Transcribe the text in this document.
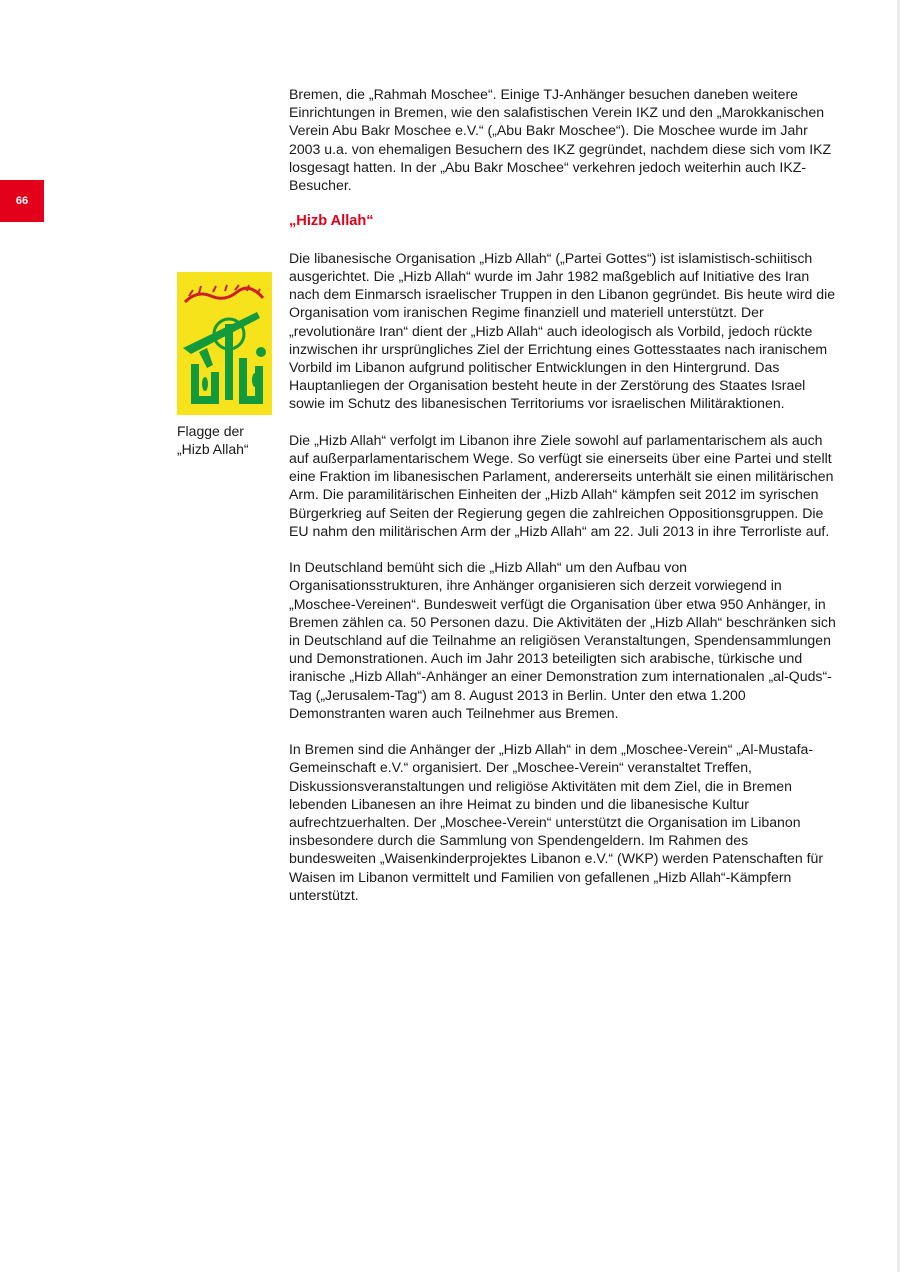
66
Flagge der
„Hizb Allah“

Bremen, die „Rahmah Moschee“. Einige TJ-Anhänger besuchen daneben weitere Einrichtungen in Bremen, wie den salafistischen Verein IKZ und den „Marokkanischen Verein Abu Bakr Moschee e.V.“ („Abu Bakr Moschee“). Die Moschee wurde im Jahr 2003 u.a. von ehemaligen Besuchern des IKZ gegründet, nachdem diese sich vom IKZ losgesagt hatten. In der „Abu Bakr Moschee“ verkehren jedoch weiterhin auch IKZ-Besucher.

„Hizb Allah“

Die libanesische Organisation „Hizb Allah“ („Partei Gottes“) ist islamistisch-schiitisch ausgerichtet. Die „Hizb Allah“ wurde im Jahr 1982 maßgeblich auf Initiative des Iran nach dem Einmarsch israelischer Truppen in den Libanon gegründet. Bis heute wird die Organisation vom iranischen Regime finanziell und materiell unterstützt. Der „revolutionäre Iran“ dient der „Hizb Allah“ auch ideologisch als Vorbild, jedoch rückte inzwischen ihr ursprüngliches Ziel der Errichtung eines Gottesstaates nach iranischem Vorbild im Libanon aufgrund politischer Entwicklungen in den Hintergrund. Das Hauptanliegen der Organisation besteht heute in der Zerstörung des Staates Israel sowie im Schutz des libanesischen Territoriums vor israelischen Militäraktionen.

Die „Hizb Allah“ verfolgt im Libanon ihre Ziele sowohl auf parlamentarischem als auch auf außerparlamentarischem Wege. So verfügt sie einerseits über eine Partei und stellt eine Fraktion im libanesischen Parlament, andererseits unterhält sie einen militärischen Arm. Die paramilitärischen Einheiten der „Hizb Allah“ kämpfen seit 2012 im syrischen Bürgerkrieg auf Seiten der Regierung gegen die zahlreichen Oppositionsgruppen. Die EU nahm den militärischen Arm der „Hizb Allah“ am 22. Juli 2013 in ihre Terrorliste auf.

In Deutschland bemüht sich die „Hizb Allah“ um den Aufbau von Organisationsstrukturen, ihre Anhänger organisieren sich derzeit vorwiegend in „Moschee-Vereinen“. Bundesweit verfügt die Organisation über etwa 950 Anhänger, in Bremen zählen ca. 50 Personen dazu. Die Aktivitäten der „Hizb Allah“ beschränken sich in Deutschland auf die Teilnahme an religiösen Veranstaltungen, Spendensammlungen und Demonstrationen. Auch im Jahr 2013 beteiligten sich arabische, türkische und iranische „Hizb Allah“-Anhänger an einer Demonstration zum internationalen „al-Quds“-Tag („Jerusalem-Tag“) am 8. August 2013 in Berlin. Unter den etwa 1.200 Demonstranten waren auch Teilnehmer aus Bremen.

In Bremen sind die Anhänger der „Hizb Allah“ in dem „Moschee-Verein“ „Al-Mustafa-Gemeinschaft e.V.“ organisiert. Der „Moschee-Verein“ veranstaltet Treffen, Diskussionsveranstaltungen und religiöse Aktivitäten mit dem Ziel, die in Bremen lebenden Libanesen an ihre Heimat zu binden und die libanesische Kultur aufrechtzuerhalten. Der „Moschee-Verein“ unterstützt die Organisation im Libanon insbesondere durch die Sammlung von Spendengeldern. Im Rahmen des bundesweiten „Waisenkinderprojektes Libanon e.V.“ (WKP) werden Patenschaften für Waisen im Libanon vermittelt und Familien von gefallenen „Hizb Allah“-Kämpfern unterstützt.
